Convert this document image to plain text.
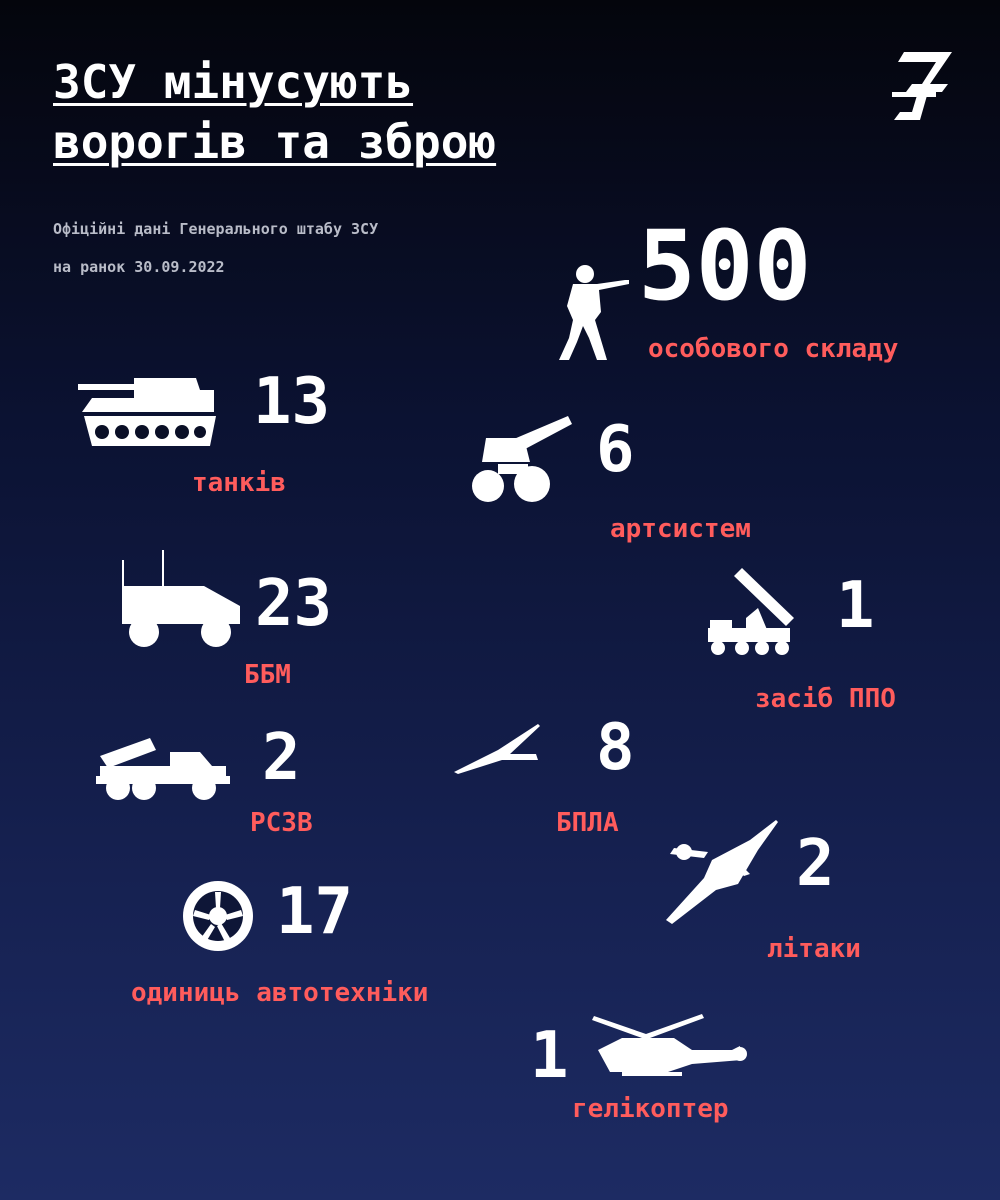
ЗСУ мінусують
ворогів та зброю
Офіційні дані Генерального штабу ЗСУ
на ранок 30.09.2022	500
особового складу
13
танків	6
артсистем
23
ББМ
1
засіб ППО
2
РСЗВ
8
БПЛА
2
літаки
17
одиниць автотехніки
1
гелікоптер
